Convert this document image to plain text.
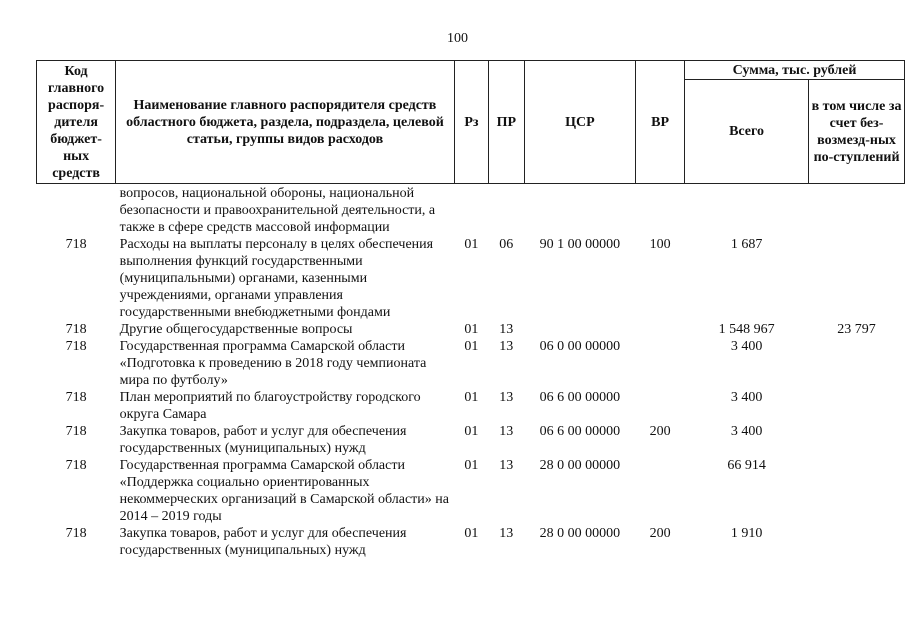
100
Код главного распоря-дителя бюджет-ных средств	Наименование главного распорядителя средств областного бюджета, раздела, подраздела, целевой статьи, группы видов расходов	Рз	ПР	ЦСР	ВР	Сумма, тыс. рублей	
						Всего	в том числе за счет без-возмезд-ных по-ступлений
	вопросов, национальной обороны, национальной безопасности и правоохранительной деятельности, а также в сфере средств массовой информации						
718	Расходы на выплаты персоналу в целях обеспечения выполнения функций государственными (муниципальными) органами, казенными учреждениями, органами управления государственными внебюджетными фондами	01	06	90 1 00 00000	100	1 687	
718	Другие общегосударственные вопросы	01	13			1 548 967	23 797
718	Государственная программа Самарской области «Подготовка к проведению в 2018 году чемпионата мира по футболу»	01	13	06 0 00 00000		3 400	
718	План мероприятий по благоустройству городского округа Самара	01	13	06 6 00 00000		3 400	
718	Закупка товаров, работ и услуг для обеспечения государственных (муниципальных) нужд	01	13	06 6 00 00000	200	3 400	
718	Государственная программа Самарской области «Поддержка социально ориентированных некоммерческих организаций в Самарской области» на 2014 – 2019 годы	01	13	28 0 00 00000		66 914	
718	Закупка товаров, работ и услуг для обеспечения государственных (муниципальных) нужд	01	13	28 0 00 00000	200	1 910	
